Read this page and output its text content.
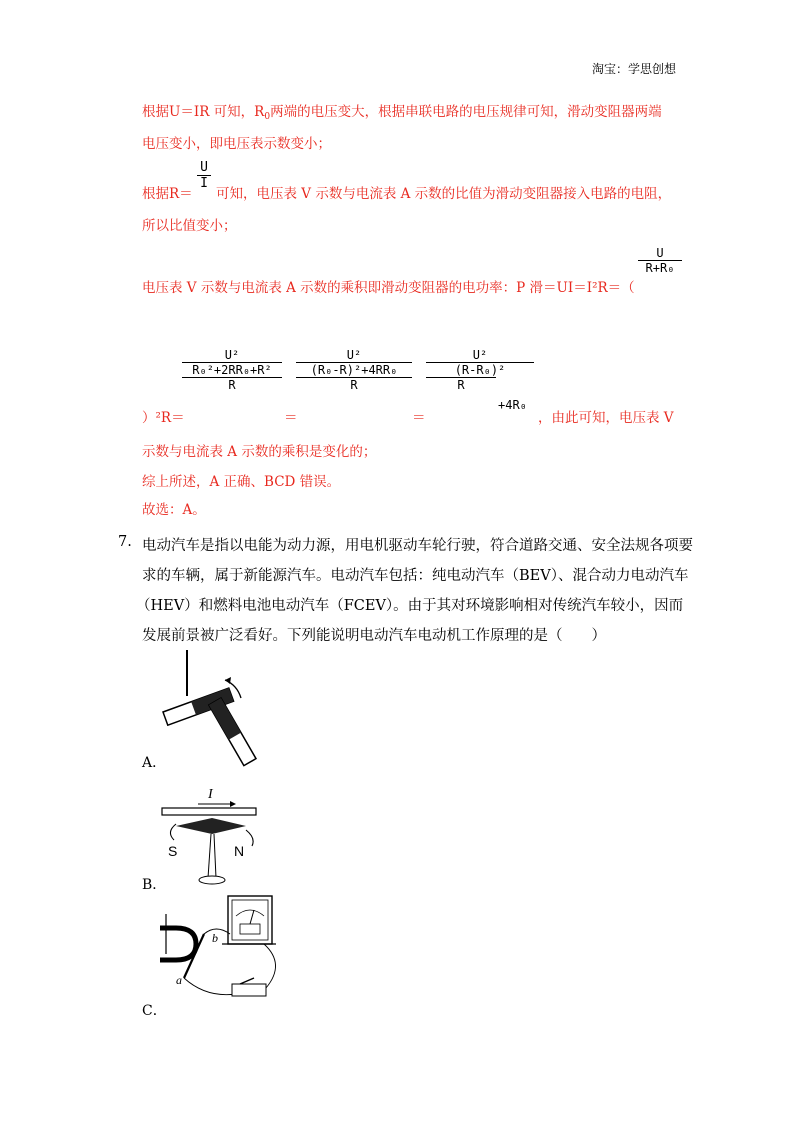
淘宝：学思创想
根据U＝IR 可知，$R_0$两端的电压变大，根据串联电路的电压规律可知，滑动变阻器两端
电压变小，即电压表示数变小；
根据R＝
U
I
可知，电压表 V 示数与电流表 A 示数的比值为滑动变阻器接入电路的电阻，
所以比值变小；
电压表 V 示数与电流表 A 示数的乘积即滑动变阻器的电功率：P 滑＝UI＝I²R＝（
U
R+R₀
）²R＝
U²
R₀²+2RR₀+R²
R
＝
U²
(R₀-R)²+4RR₀
R
＝
U²
(R-R₀)²
R
+4R₀
，由此可知，电压表 V
示数与电流表 A 示数的乘积是变化的；
综上所述，A 正确、BCD 错误。
故选：A。
7. 电动汽车是指以电能为动力源，用电机驱动车轮行驶，符合道路交通、安全法规各项要
求的车辆，属于新能源汽车。电动汽车包括：纯电动汽车（BEV）、混合动力电动汽车
（HEV）和燃料电池电动汽车（FCEV）。由于其对环境影响相对传统汽车较小，因而
发展前景被广泛看好。下列能说明电动汽车电动机工作原理的是（　　）
A．
I
S	N
B．
a
b
C．
